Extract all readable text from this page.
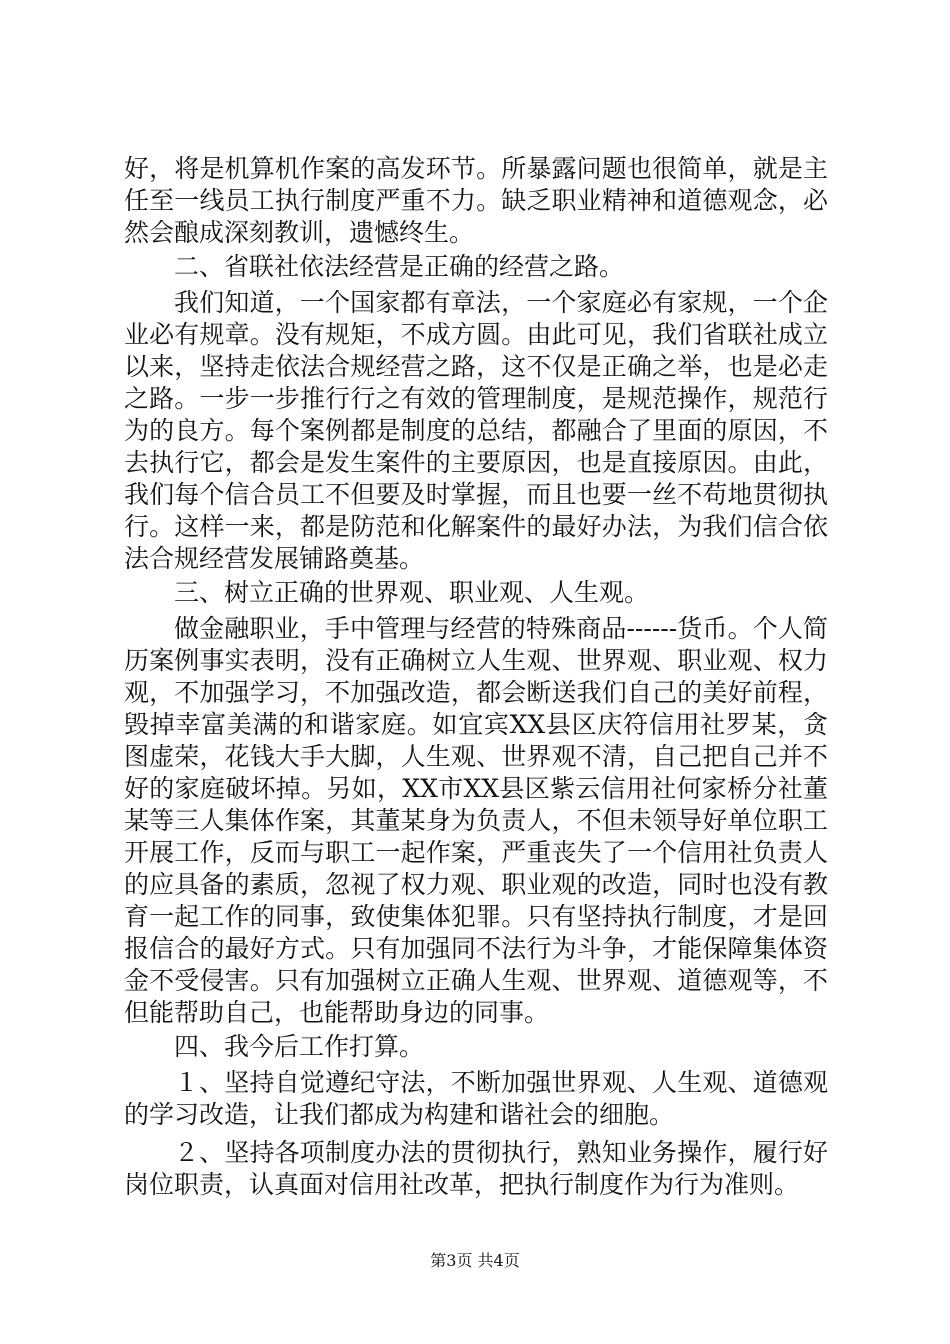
好，将是机算机作案的高发环节。所暴露问题也很简单，就是主任至一线员工执行制度严重不力。缺乏职业精神和道德观念，必然会酿成深刻教训，遗憾终生。

二、省联社依法经营是正确的经营之路。

我们知道，一个国家都有章法，一个家庭必有家规，一个企业必有规章。没有规矩，不成方圆。由此可见，我们省联社成立以来，坚持走依法合规经营之路，这不仅是正确之举，也是必走之路。一步一步推行行之有效的管理制度，是规范操作，规范行为的良方。每个案例都是制度的总结，都融合了里面的原因，不去执行它，都会是发生案件的主要原因，也是直接原因。由此，我们每个信合员工不但要及时掌握，而且也要一丝不苟地贯彻执行。这样一来，都是防范和化解案件的最好办法，为我们信合依法合规经营发展铺路奠基。

三、树立正确的世界观、职业观、人生观。

做金融职业，手中管理与经营的特殊商品------货币。个人简历案例事实表明，没有正确树立人生观、世界观、职业观、权力观，不加强学习，不加强改造，都会断送我们自己的美好前程，毁掉幸富美满的和谐家庭。如宜宾XX县区庆符信用社罗某，贪图虚荣，花钱大手大脚，人生观、世界观不清，自己把自己并不好的家庭破坏掉。另如，XX市XX县区紫云信用社何家桥分社董某等三人集体作案，其董某身为负责人，不但未领导好单位职工开展工作，反而与职工一起作案，严重丧失了一个信用社负责人的应具备的素质，忽视了权力观、职业观的改造，同时也没有教育一起工作的同事，致使集体犯罪。只有坚持执行制度，才是回报信合的最好方式。只有加强同不法行为斗争，才能保障集体资金不受侵害。只有加强树立正确人生观、世界观、道德观等，不但能帮助自己，也能帮助身边的同事。

四、我今后工作打算。

１、坚持自觉遵纪守法，不断加强世界观、人生观、道德观的学习改造，让我们都成为构建和谐社会的细胞。

２、坚持各项制度办法的贯彻执行，熟知业务操作，履行好岗位职责，认真面对信用社改革，把执行制度作为行为准则。

第3页 共4页
